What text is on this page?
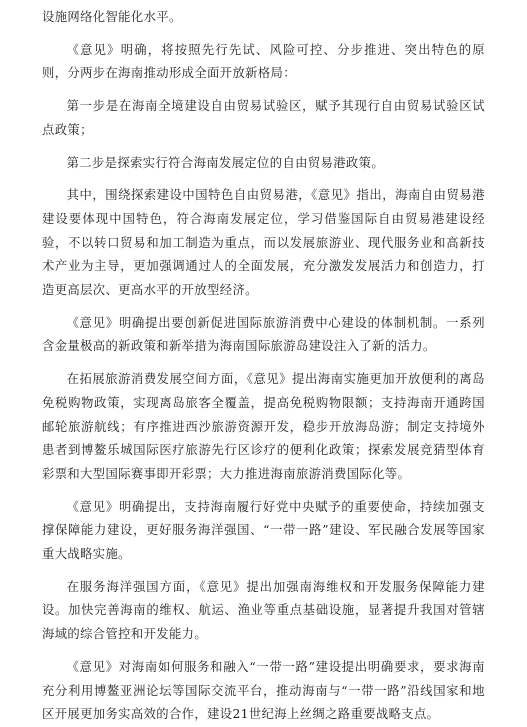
设施网络化智能化水平。

《意见》明确，将按照先行先试、风险可控、分步推进、突出特色的原则，分两步在海南推动形成全面开放新格局：

第一步是在海南全境建设自由贸易试验区，赋予其现行自由贸易试验区试点政策；

第二步是探索实行符合海南发展定位的自由贸易港政策。

其中，围绕探索建设中国特色自由贸易港，《意见》指出，海南自由贸易港建设要体现中国特色，符合海南发展定位，学习借鉴国际自由贸易港建设经验，不以转口贸易和加工制造为重点，而以发展旅游业、现代服务业和高新技术产业为主导，更加强调通过人的全面发展，充分激发发展活力和创造力，打造更高层次、更高水平的开放型经济。

《意见》明确提出要创新促进国际旅游消费中心建设的体制机制。一系列含金量极高的新政策和新举措为海南国际旅游岛建设注入了新的活力。

在拓展旅游消费发展空间方面，《意见》提出海南实施更加开放便利的离岛免税购物政策，实现离岛旅客全覆盖，提高免税购物限额；支持海南开通跨国邮轮旅游航线；有序推进西沙旅游资源开发，稳步开放海岛游；制定支持境外患者到博鳌乐城国际医疗旅游先行区诊疗的便利化政策；探索发展竞猜型体育彩票和大型国际赛事即开彩票；大力推进海南旅游消费国际化等。

《意见》明确提出，支持海南履行好党中央赋予的重要使命，持续加强支撑保障能力建设，更好服务海洋强国、“一带一路”建设、军民融合发展等国家重大战略实施。

在服务海洋强国方面，《意见》提出加强南海维权和开发服务保障能力建设。加快完善海南的维权、航运、渔业等重点基础设施，显著提升我国对管辖海域的综合管控和开发能力。

《意见》对海南如何服务和融入“一带一路”建设提出明确要求，要求海南充分利用博鳌亚洲论坛等国际交流平台，推动海南与“一带一路”沿线国家和地区开展更加务实高效的合作，建设21世纪海上丝绸之路重要战略支点。
